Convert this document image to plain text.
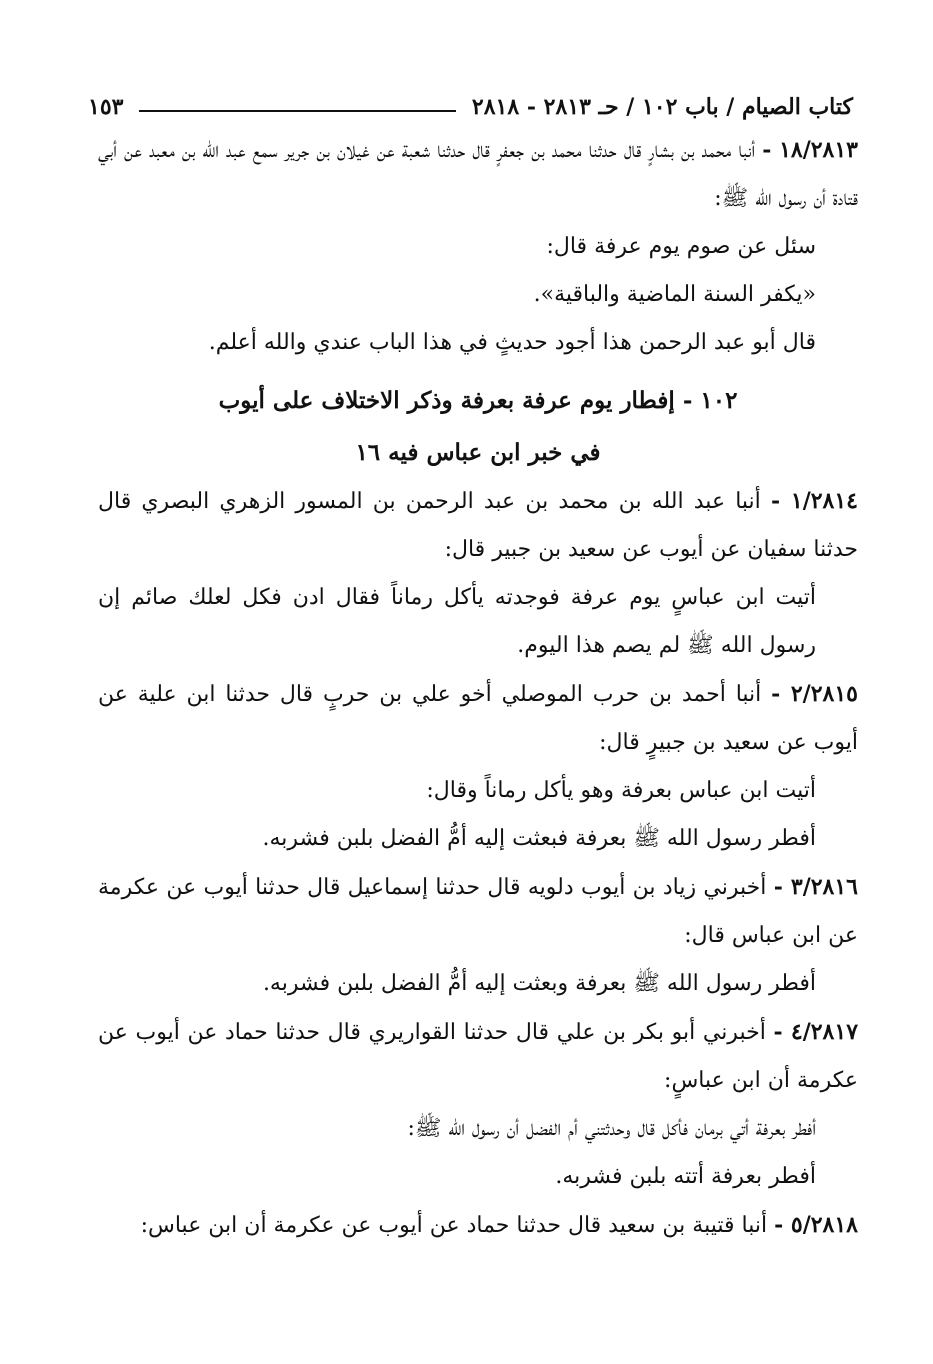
كتاب الصيام / باب ١٠٢ / حـ ٢٨١٣ - ٢٨١٨
١٥٣

١٨/٢٨١٣ - أنبا محمد بن بشارٍ قال حدثنا محمد بن جعفرٍ قال حدثنا شعبة عن غيلان بن جرير سمع عبد الله بن معبد عن أبي قتادة أن رسول الله ﷺ:

سئل عن صوم يوم عرفة قال:

«يكفر السنة الماضية والباقية».

قال أبو عبد الرحمن هذا أجود حديثٍ في هذا الباب عندي والله أعلم.

١٠٢ - إفطار يوم عرفة بعرفة وذكر الاختلاف على أيوب

في خبر ابن عباس فيه ١٦

١/٢٨١٤ - أنبا عبد الله بن محمد بن عبد الرحمن بن المسور الزهري البصري قال حدثنا سفيان عن أيوب عن سعيد بن جبير قال:

أتيت ابن عباسٍ يوم عرفة فوجدته يأكل رماناً فقال ادن فكل لعلك صائم إن رسول الله ﷺ لم يصم هذا اليوم.

٢/٢٨١٥ - أنبا أحمد بن حرب الموصلي أخو علي بن حربٍ قال حدثنا ابن علية عن أيوب عن سعيد بن جبيرٍ قال:

أتيت ابن عباس بعرفة وهو يأكل رماناً وقال:

أفطر رسول الله ﷺ بعرفة فبعثت إليه أمُّ الفضل بلبن فشربه.

٣/٢٨١٦ - أخبرني زياد بن أيوب دلويه قال حدثنا إسماعيل قال حدثنا أيوب عن عكرمة عن ابن عباس قال:

أفطر رسول الله ﷺ بعرفة وبعثت إليه أمُّ الفضل بلبن فشربه.

٤/٢٨١٧ - أخبرني أبو بكر بن علي قال حدثنا القواريري قال حدثنا حماد عن أيوب عن عكرمة أن ابن عباسٍ:

أفطر بعرفة أتي برمان فأكل قال وحدثتني أم الفضل أن رسول الله ﷺ:

أفطر بعرفة أتته بلبن فشربه.

٥/٢٨١٨ - أنبا قتيبة بن سعيد قال حدثنا حماد عن أيوب عن عكرمة أن ابن عباس:
